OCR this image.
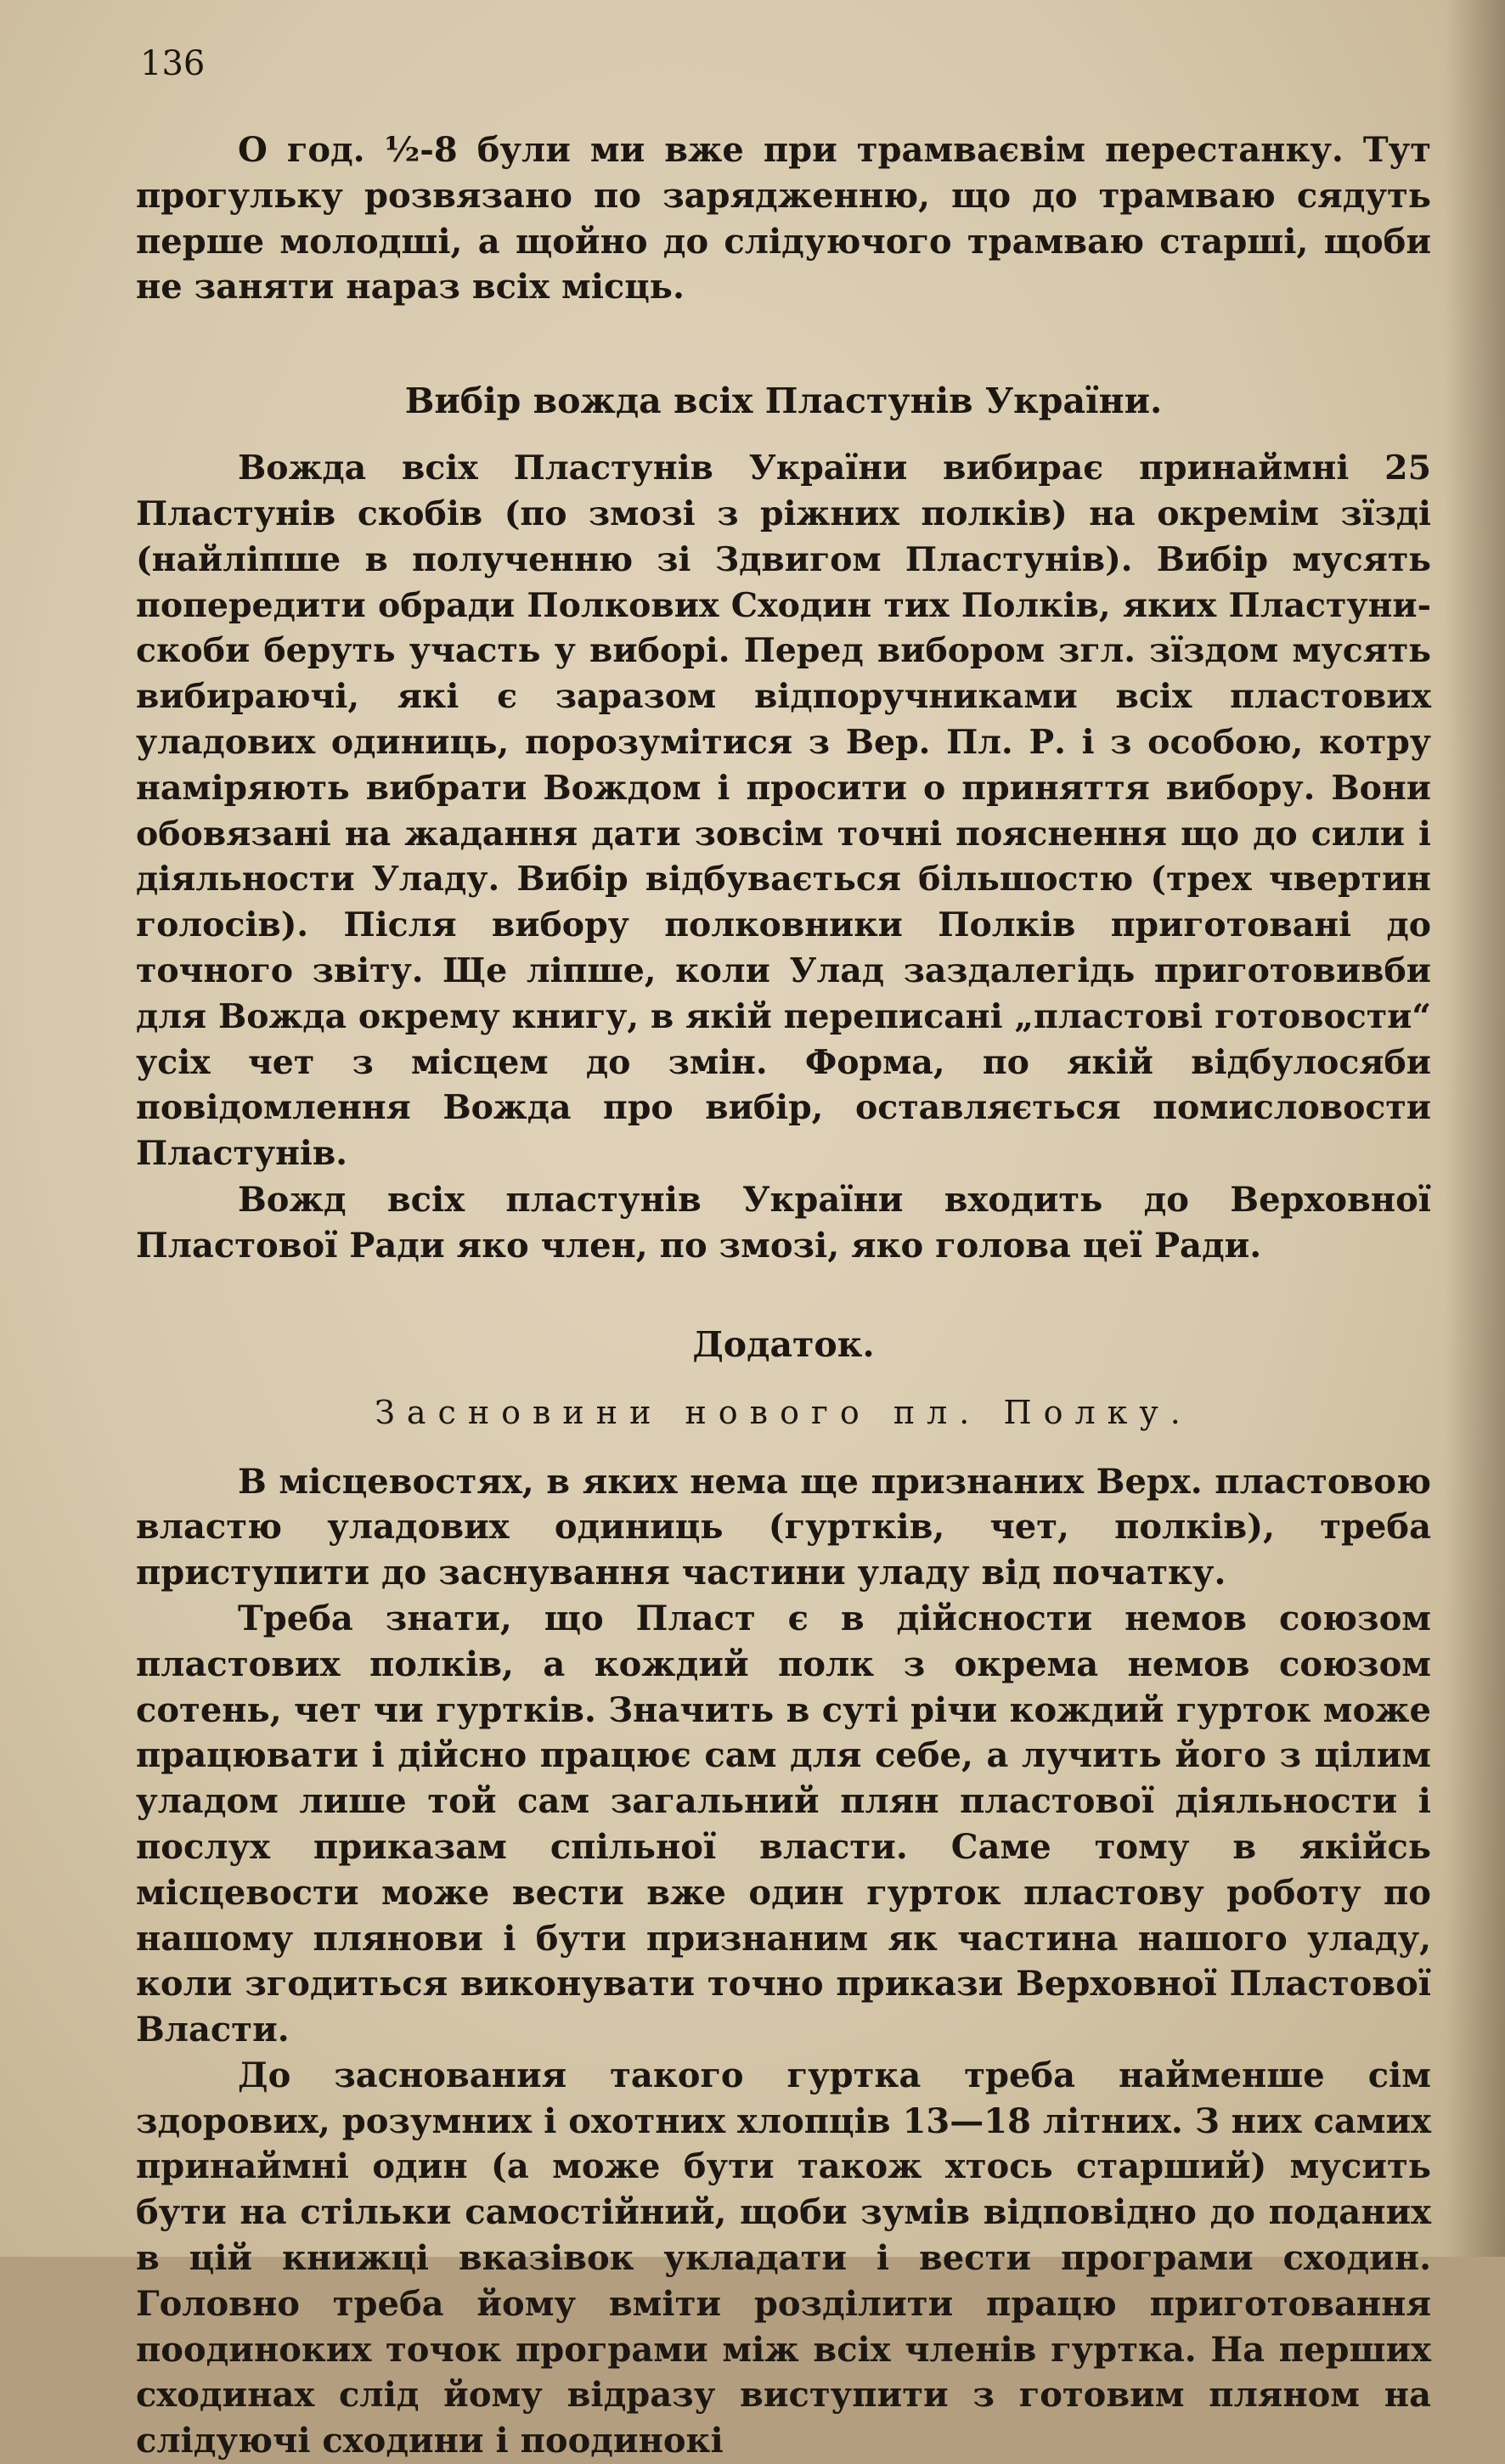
136

О год. ½-8 були ми вже при трамваєвім перестанку. Тут прогульку розвязано по зарядженню, що до трамваю сядуть перше молодші, а щойно до слідуючого трамваю старші, щоби не заняти нараз всіх місць.

Вибір вожда всіх Пластунів України.

Вожда всіх Пластунів України вибирає принаймні 25 Пластунів скобів (по змозі з ріжних полків) на окремім зїзді (найліпше в полученню зі Здвигом Пластунів). Вибір мусять попередити обради Полкових Сходин тих Полків, яких Пластуни-скоби беруть участь у виборі. Перед вибором згл. зїздом мусять вибираючі, які є заразом відпоручниками всіх пластових уладових одиниць, порозумітися з Вер. Пл. Р. і з особою, котру наміряють вибрати Вождом і просити о приняття вибору. Вони обовязані на жадання дати зовсім точні пояснення що до сили і діяльности Уладу. Вибір відбувається більшостю (трех чвертин голосів). Після вибору полковники Полків приготовані до точного звіту. Ще ліпше, коли Улад заздалегідь приготовивби для Вожда окрему книгу, в якій переписані „пластові готовости“ усіх чет з місцем до змін. Форма, по якій відбулосяби повідомлення Вожда про вибір, оставляється помисловости Пластунів.

Вожд всіх пластунів України входить до Верховної Пластової Ради яко член, по змозі, яко голова цеї Ради.

Додаток.
Засновини нового пл. Полку.

В місцевостях, в яких нема ще признаних Верх. пластовою властю уладових одиниць (гуртків, чет, полків), треба приступити до заснування частини уладу від початку.

Треба знати, що Пласт є в дійсности немов союзом пластових полків, а кождий полк з окрема немов союзом сотень, чет чи гуртків. Значить в суті річи кождий гурток може працювати і дійсно працює сам для себе, а лучить його з цілим уладом лише той сам загальний плян пластової діяльности і послух приказам спільної власти. Саме тому в якійсь місцевости може вести вже один гурток пластову роботу по нашому плянови і бути признаним як частина нашого уладу, коли згодиться виконувати точно прикази Верховної Пластової Власти.

До заснования такого гуртка треба найменше сім здорових, розумних і охотних хлопців 13—18 літних. З них самих принаймні один (а може бути також хтось старший) мусить бути на стільки самостійний, щоби зумів відповідно до поданих в цій книжці вказівок укладати і вести програми сходин. Головно треба йому вміти розділити працю приготовання поодиноких точок програми між всіх членів гуртка. На перших сходинах слід йому відразу виступити з готовим пляном на слідуючі сходини і поодинокі
